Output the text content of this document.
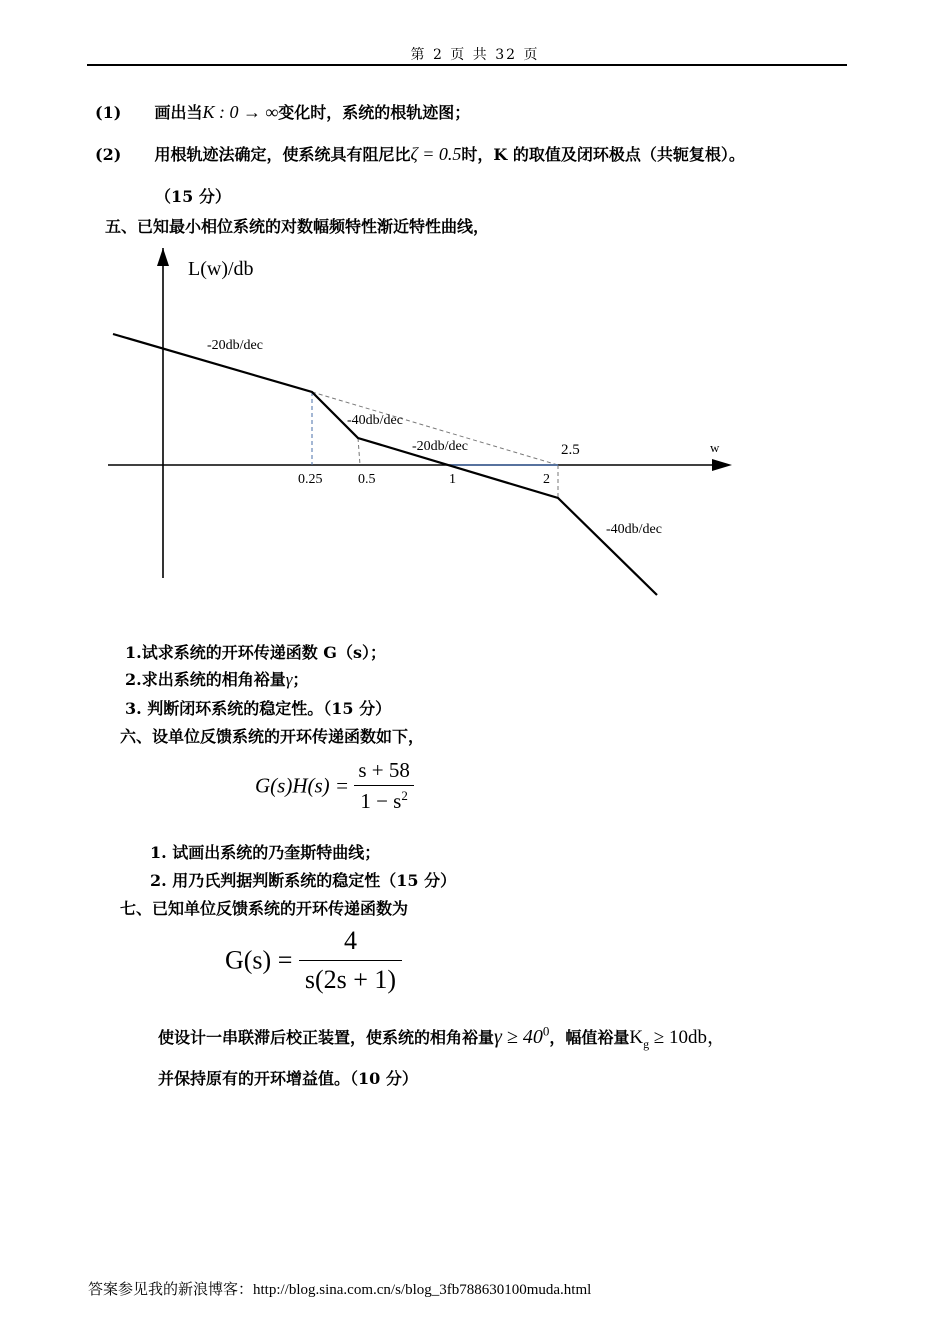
第 2 页 共 32 页
(1) 画出当K : 0 → ∞变化时，系统的根轨迹图；
(2) 用根轨迹法确定，使系统具有阻尼比ζ = 0.5时，K 的取值及闭环极点（共轭复根）。
（15 分）
五、已知最小相位系统的对数幅频特性渐近特性曲线，
L(w)/db
w
0.25	0.5	1	2
2.5
-20db/dec
-40db/dec
-20db/dec
-40db/dec
1.试求系统的开环传递函数 G（s）；
2.求出系统的相角裕量γ；
3. 判断闭环系统的稳定性。（15 分）
六、设单位反馈系统的开环传递函数如下，
$G(s)H(s) = \frac{s + 58}{1 - s^2}$
1. 试画出系统的乃奎斯特曲线；
2. 用乃氏判据判断系统的稳定性（15 分）
七、已知单位反馈系统的开环传递函数为
$G(s) = \frac{4}{s(2s + 1)}$
使设计一串联滞后校正装置，使系统的相角裕量$\gamma \ge 40^0$，幅值裕量$K_g \ge 10db$，
并保持原有的开环增益值。（10 分）
答案参见我的新浪博客：http://blog.sina.com.cn/s/blog_3fb788630100muda.html
